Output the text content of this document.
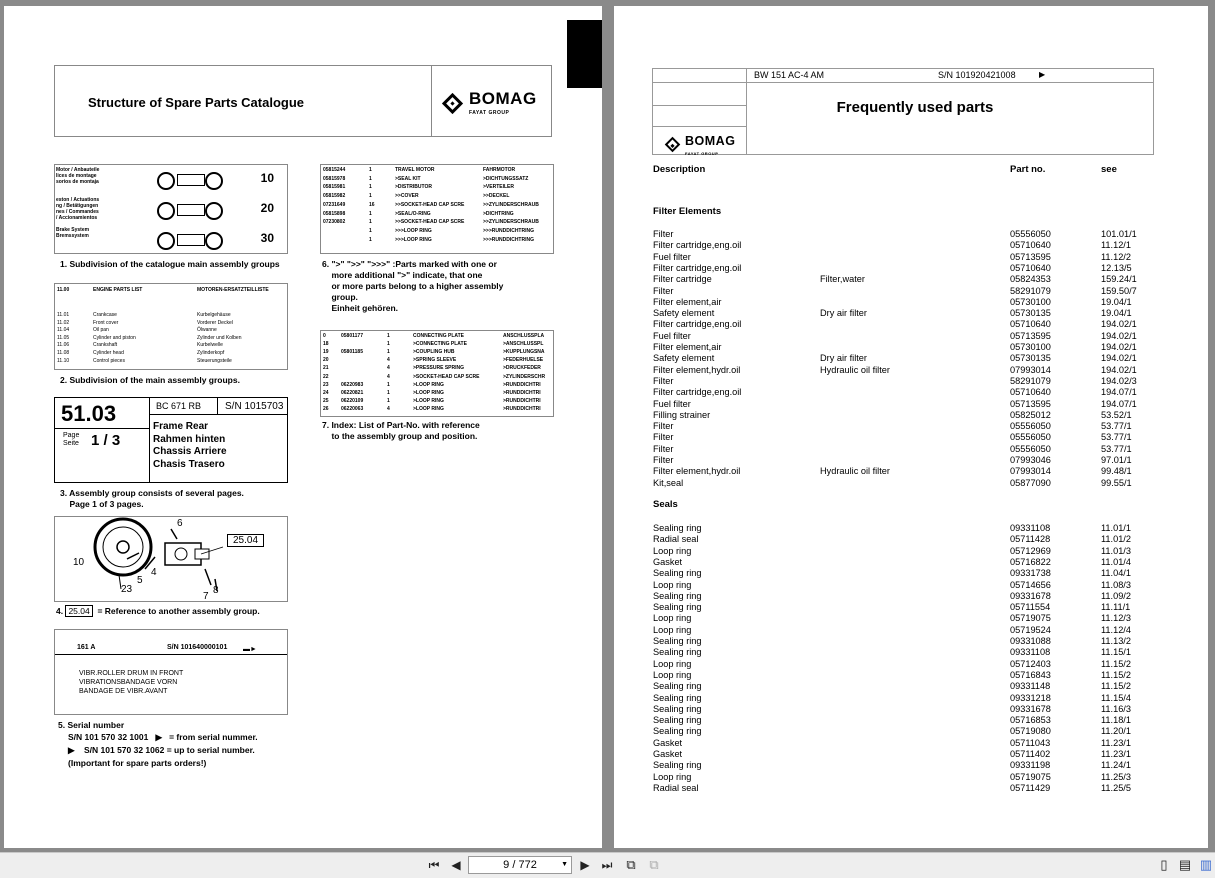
Structure of Spare Parts Catalogue	BOMAG
FAYAT GROUP
Motor / Anbauteile
lices de montage
sorios de montaja	10
eston / Actuations
ng / Betätigungen
nes / Commandes
/ Accionamientos
20
Brake System
Bremssystem	30
1. Subdivision of the catalogue main assembly groups
11.00	ENGINE PARTS LIST	MOTOREN-ERSATZTEILLISTE
11.01	Crankcase	Kurbelgehäuse
11.02	Front cover	Vorderer Deckel
11.04	Oil pan	Ölwanne
11.05	Cylinder and piston	Zylinder und Kolben
11.06	Crankshaft	Kurbelwelle
11.08	Cylinder head	Zylinderkopf
11.10	Control pieces	Steuerungsteile
2. Subdivision of the main assembly groups.
51.03
Page
Seite 1 / 3
BC 671 RB S/N 1015703
Frame Rear
Rahmen hinten
Chassis Arriere
Chasis Trasero
3. Assembly group consists of several pages.
Page 1 of 3 pages.
25.04
6
10
5
4
23	8
7
4. 25.04 = Reference to another assembly group.
161 A	S/N 101640000101 ▬►
VIBR.ROLLER DRUM IN FRONT
VIBRATIONSBANDAGE VORN
BANDAGE DE VIBR.AVANT
5. Serial number
S/N 101 570 32 1001 ▶ = from serial nummer.
▶ S/N 101 570 32 1062 = up to serial number.
(Important for spare parts orders!)
05815244	1	TRAVEL MOTOR	FAHRMOTOR
05815978	1	>SEAL KIT	>DICHTUNGSSATZ
05815981	1	>DISTRIBUTOR	>VERTEILER
05815982	1	>>COVER	>>DECKEL
07231649	16	>>SOCKET-HEAD CAP SCRE	>>ZYLINDERSCHRAUB
05815898	1	>SEAL/O-RING	>DICHTRING
07230802	1	>>SOCKET-HEAD CAP SCRE	>>ZYLINDERSCHRAUB
1	>>>LOOP RING	>>>RUNDDICHTRING
1	>>>LOOP RING	>>>RUNDDICHTRING
6. ">" ">>" ">>>" :Parts marked with one or
more additional ">" indicate, that one
or more parts belong to a higher assembly
group.
Einheit gehören.
0	05801177	1	CONNECTING PLATE	ANSCHLUSSPLA
18	1	>CONNECTING PLATE	>ANSCHLUSSPL
19 05801185	1	>COUPLING HUB	>KUPPLUNGSNA
20	4	>SPRING SLEEVE	>FEDERHUELSE
21	4	>PRESSURE SPRING	>DRUCKFEDER
22	4	>SOCKET-HEAD CAP SCRE	>ZYLINDERSCHR
23 06220983	1	>LOOP RING	>RUNDDICHTRI
24 06220821	1	>LOOP RING	>RUNDDICHTRI
25 06220109	1	>LOOP RING	>RUNDDICHTRI
26 06220063	4	>LOOP RING	>RUNDDICHTRI
7. Index: List of Part-No. with reference
to the assembly group and position.
BOMAG
FAYAT GROUP
BW 151 AC-4 AM	S/N 101920421008	▶
Frequently used parts
Description	Part no.	see
Filter Elements
Filter	05556050	101.01/1
Filter cartridge,eng.oil	05710640	11.12/1
Fuel filter	05713595	11.12/2
Filter cartridge,eng.oil	05710640	12.13/5
Filter cartridge	Filter,water	05824353	159.24/1
Filter	58291079	159.50/7
Filter element,air	05730100	19.04/1
Safety element	Dry air filter	05730135	19.04/1
Filter cartridge,eng.oil	05710640	194.02/1
Fuel filter	05713595	194.02/1
Filter element,air	05730100	194.02/1
Safety element	Dry air filter	05730135	194.02/1
Filter element,hydr.oil	Hydraulic oil filter	07993014	194.02/1
Filter	58291079	194.02/3
Filter cartridge,eng.oil	05710640	194.07/1
Fuel filter	05713595	194.07/1
Filling strainer	05825012	53.52/1
Filter	05556050	53.77/1
Filter	05556050	53.77/1
Filter	05556050	53.77/1
Filter	07993046	97.01/1
Filter element,hydr.oil	Hydraulic oil filter	07993014	99.48/1
Kit,seal	05877090	99.55/1
Seals
Sealing ring	09331108	11.01/1
Radial seal	05711428	11.01/2
Loop ring	05712969	11.01/3
Gasket	05716822	11.01/4
Sealing ring	09331738	11.04/1
Loop ring	05714656	11.08/3
Sealing ring	09331678	11.09/2
Sealing ring	05711554	11.11/1
Loop ring	05719075	11.12/3
Loop ring	05719524	11.12/4
Sealing ring	09331088	11.13/2
Sealing ring	09331108	11.15/1
Loop ring	05712403	11.15/2
Loop ring	05716843	11.15/2
Sealing ring	09331148	11.15/2
Sealing ring	09331218	11.15/4
Sealing ring	09331678	11.16/3
Sealing ring	05716853	11.18/1
Sealing ring	05719080	11.20/1
Gasket	05711043	11.23/1
Gasket	05711402	11.23/1
Sealing ring	09331198	11.24/1
Loop ring	05719075	11.25/3
Radial seal	05711429	11.25/5
⏮ ◀	9 / 772	▼	▶ ⏭	⧉	⧉	▯ ▤ ▥
